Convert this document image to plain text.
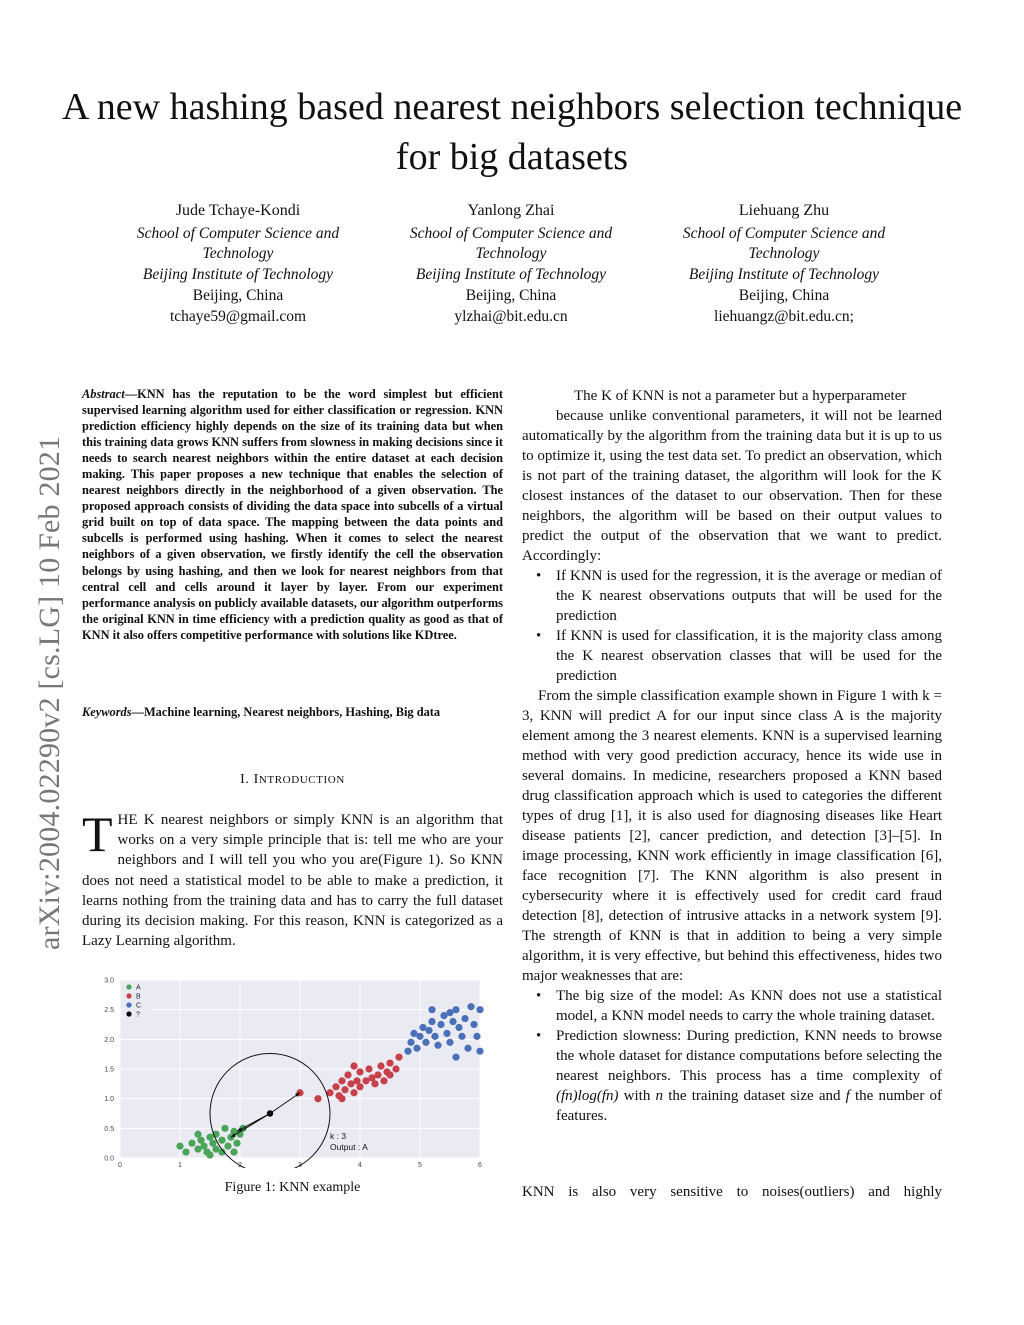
A new hashing based nearest neighbors selection technique for big datasets
Jude Tchaye-Kondi
School of Computer Science and
Technology
Beijing Institute of Technology
Beijing, China
tchaye59@gmail.com
Yanlong Zhai
School of Computer Science and
Technology
Beijing Institute of Technology
Beijing, China
ylzhai@bit.edu.cn
Liehuang Zhu
School of Computer Science and
Technology
Beijing Institute of Technology
Beijing, China
liehuangz@bit.edu.cn;
arXiv:2004.02290v2 [cs.LG] 10 Feb 2021
Abstract—KNN has the reputation to be the word simplest but efficient supervised learning algorithm used for either classification or regression. KNN prediction efficiency highly depends on the size of its training data but when this training data grows KNN suffers from slowness in making decisions since it needs to search nearest neighbors within the entire dataset at each decision making. This paper proposes a new technique that enables the selection of nearest neighbors directly in the neighborhood of a given observation. The proposed approach consists of dividing the data space into subcells of a virtual grid built on top of data space. The mapping between the data points and subcells is performed using hashing. When it comes to select the nearest neighbors of a given observation, we firstly identify the cell the observation belongs by using hashing, and then we look for nearest neighbors from that central cell and cells around it layer by layer. From our experiment performance analysis on publicly available datasets, our algorithm outperforms the original KNN in time efficiency with a prediction quality as good as that of KNN it also offers competitive performance with solutions like KDtree.
Keywords—Machine learning, Nearest neighbors, Hashing, Big data
I. INTRODUCTION
THE K nearest neighbors or simply KNN is an algorithm that works on a very simple principle that is: tell me who are your neighbors and I will tell you who you are(Figure 1). So KNN does not need a statistical model to be able to make a prediction, it learns nothing from the training data and has to carry the full dataset during its decision making. For this reason, KNN is categorized as a Lazy Learning algorithm.
0	1	2	3	4	5	6
0.0
0.5
1.0
1.5
2.0
2.5
3.0
A
B
C
?
k : 3
Output : A
Figure 1: KNN example

The K of KNN is not a parameter but a hyperparameter

because unlike conventional parameters, it will not be learned automatically by the algorithm from the training data but it is up to us to optimize it, using the test data set. To predict an observation, which is not part of the training dataset, the algorithm will look for the K closest instances of the dataset to our observation. Then for these neighbors, the algorithm will be based on their output values to predict the output of the observation that we want to predict. Accordingly:

• If KNN is used for the regression, it is the average or median of the K nearest observations outputs that will be used for the prediction
• If KNN is used for classification, it is the majority class among the K nearest observation classes that will be used for the prediction

From the simple classification example shown in Figure 1 with k = 3, KNN will predict A for our input since class A is the majority element among the 3 nearest elements. KNN is a supervised learning method with very good prediction accuracy, hence its wide use in several domains. In medicine, researchers proposed a KNN based drug classification approach which is used to categories the different types of drug [1], it is also used for diagnosing diseases like Heart disease patients [2], cancer prediction, and detection [3]–[5]. In image processing, KNN work efficiently in image classification [6], face recognition [7]. The KNN algorithm is also present in cybersecurity where it is effectively used for credit card fraud detection [8], detection of intrusive attacks in a network system [9]. The strength of KNN is that in addition to being a very simple algorithm, it is very effective, but behind this effectiveness, hides two major weaknesses that are:

• The big size of the model: As KNN does not use a statistical model, a KNN model needs to carry the whole training dataset.
• Prediction slowness: During prediction, KNN needs to browse the whole dataset for distance computations before selecting the nearest neighbors. This process has a time complexity of (fn)log(fn) with n the training dataset size and f the number of features.
KNN is also very sensitive to noises(outliers) and highly
